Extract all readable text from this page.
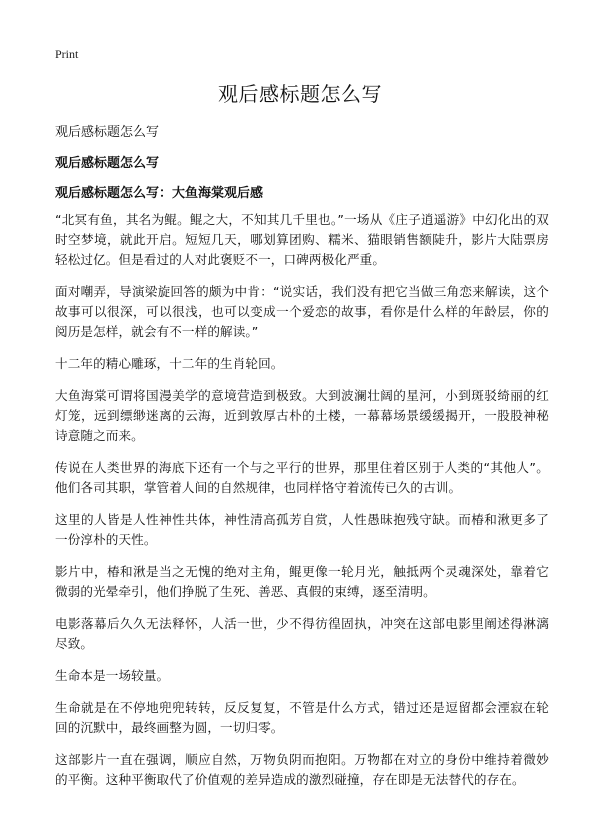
Print
观后感标题怎么写

观后感标题怎么写

观后感标题怎么写

观后感标题怎么写：大鱼海棠观后感

“北冥有鱼，其名为鲲。鲲之大，不知其几千里也。”一场从《庄子逍遥游》中幻化出的双时空梦境，就此开启。短短几天，哪划算团购、糯米、猫眼销售额陡升，影片大陆票房轻松过亿。但是看过的人对此褒贬不一，口碑两极化严重。

面对嘲弄，导演梁旋回答的颇为中肯：“说实话，我们没有把它当做三角恋来解读，这个故事可以很深，可以很浅，也可以变成一个爱恋的故事，看你是什么样的年龄层，你的阅历是怎样，就会有不一样的解读。”

十二年的精心雕琢，十二年的生肖轮回。

大鱼海棠可谓将国漫美学的意境营造到极致。大到波澜壮阔的星河，小到斑驳绮丽的红灯笼，远到缥缈迷离的云海，近到敦厚古朴的土楼，一幕幕场景缓缓揭开，一股股神秘诗意随之而来。

传说在人类世界的海底下还有一个与之平行的世界，那里住着区别于人类的“其他人”。他们各司其职，掌管着人间的自然规律，也同样恪守着流传已久的古训。

这里的人皆是人性神性共体，神性清高孤芳自赏，人性愚昧抱残守缺。而椿和湫更多了一份淳朴的天性。

影片中，椿和湫是当之无愧的绝对主角，鲲更像一轮月光，触抵两个灵魂深处，靠着它微弱的光晕牵引，他们挣脱了生死、善恶、真假的束缚，逐至清明。

电影落幕后久久无法释怀，人活一世，少不得彷徨固执，冲突在这部电影里阐述得淋漓尽致。

生命本是一场较量。

生命就是在不停地兜兜转转，反反复复，不管是什么方式，错过还是逗留都会湮寂在轮回的沉默中，最终画整为圆，一切归零。

这部影片一直在强调，顺应自然，万物负阴而抱阳。万物都在对立的身份中维持着微妙的平衡。这种平衡取代了价值观的差异造成的激烈碰撞，存在即是无法替代的存在。
